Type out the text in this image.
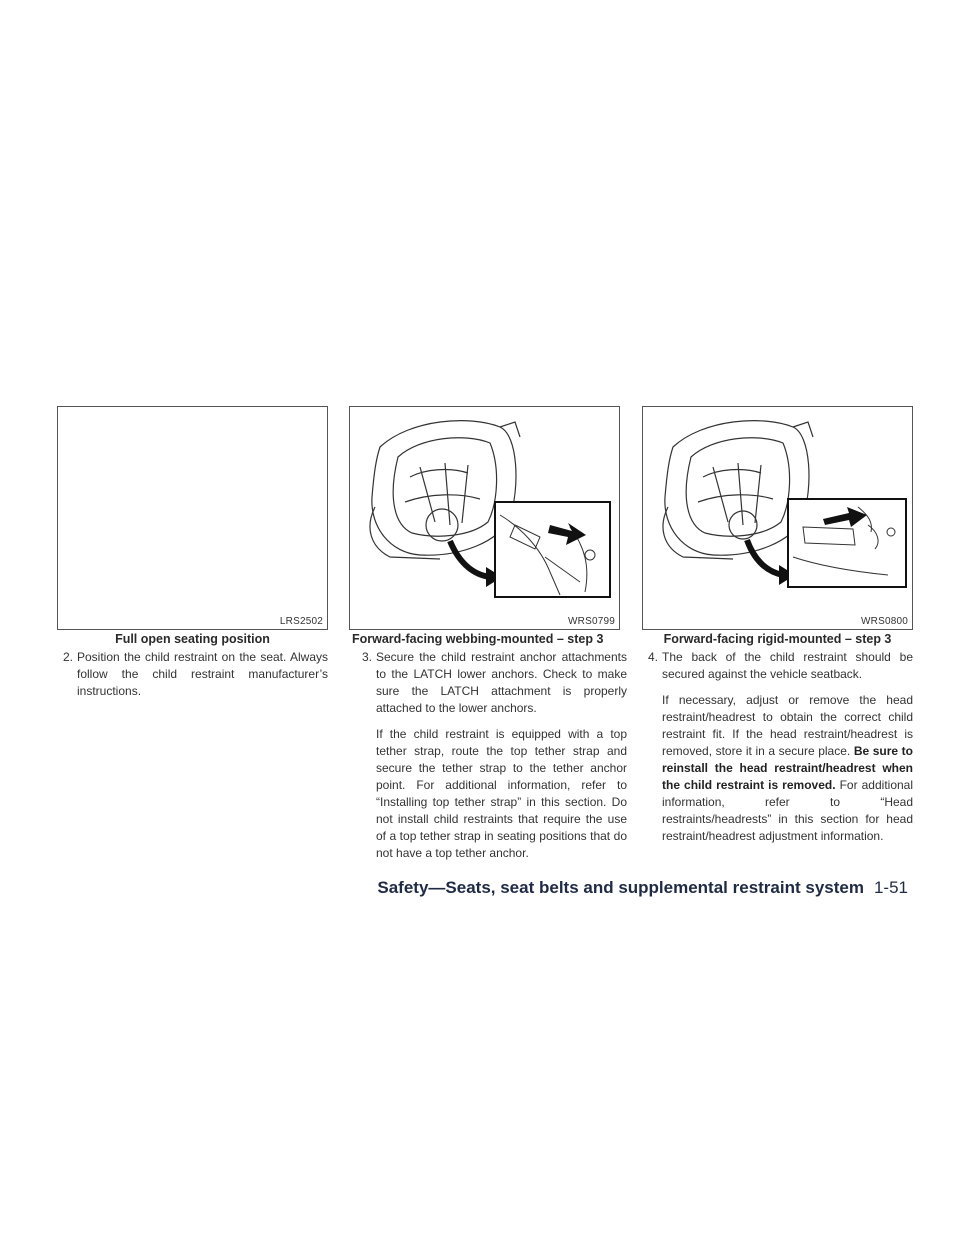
LRS2502	WRS0799	WRS0800
Full open seating position	Forward-facing webbing-mounted – step 3	Forward-facing rigid-mounted – step 3
2. Position the child restraint on the seat. Always follow the child restraint manufacturer’s instructions.

3. Secure the child restraint anchor attachments to the LATCH lower anchors. Check to make sure the LATCH attachment is properly attached to the lower anchors.

If the child restraint is equipped with a top tether strap, route the top tether strap and secure the tether strap to the tether anchor point. For additional information, refer to “Installing top tether strap” in this section. Do not install child restraints that require the use of a top tether strap in seating positions that do not have a top tether anchor.

4. The back of the child restraint should be secured against the vehicle seatback.

If necessary, adjust or remove the head restraint/headrest to obtain the correct child restraint fit. If the head restraint/headrest is removed, store it in a secure place. Be sure to reinstall the head restraint/headrest when the child restraint is removed. For additional information, refer to “Head restraints/headrests” in this section for head restraint/headrest adjustment information.

Safety—Seats, seat belts and supplemental restraint system 1-51
